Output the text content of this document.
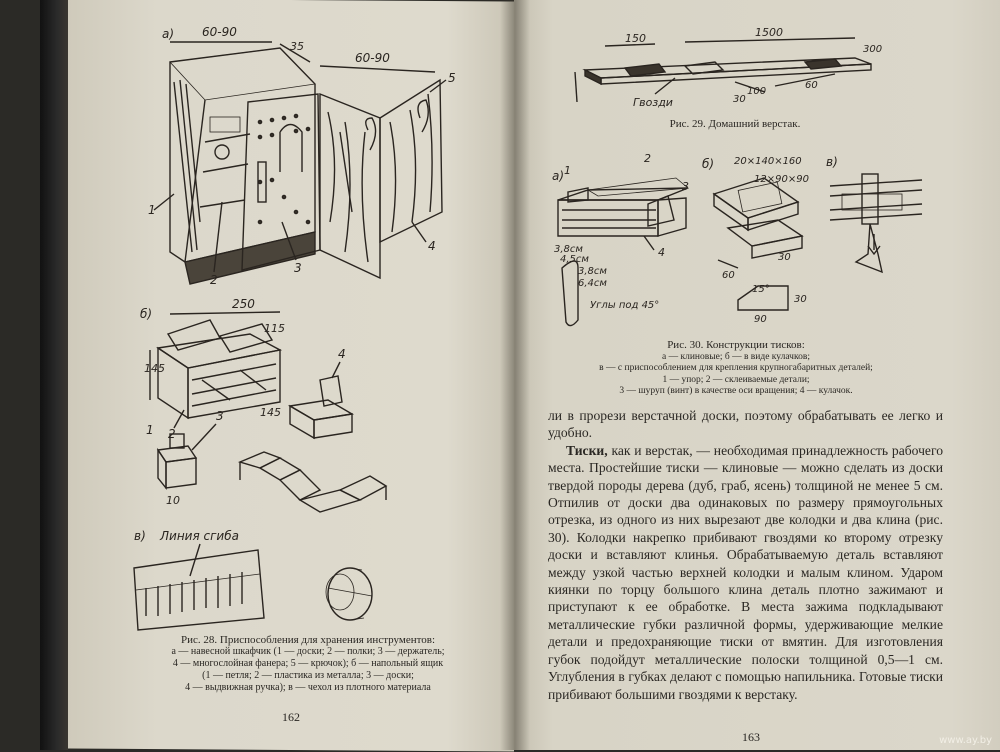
а) 60-90
35
60-90
1
2
3
4
5
б)
250
115
145
145
2
4
1
3
10
в) Линия сгиба
Рис. 28. Приспособления для хранения инструментов:
а — навесной шкафчик (1 — доски; 2 — полки; 3 — держатель;
4 — многослойная фанера; 5 — крючок); б — напольный ящик
(1 — петля; 2 — пластика из металла; 3 — доски;
4 — выдвижная ручка); в — чехол из плотного материала
162
150	1500
300
Гвозди	30
100
60
Рис. 29. Домашний верстак.
а) 1
2
3
4
3,8см
4,5см
3,8см
6,4см
Углы под 45°
б) 20×140×160
12×90×90
60
30
15°
30
90
в)
Рис. 30. Конструкции тисков:
а — клиновые; б — в виде кулачков;
в — с приспособлением для крепления крупногабаритных деталей;
1 — упор; 2 — склеиваемые детали;
3 — шуруп (винт) в качестве оси вращения; 4 — кулачок.

ли в прорези верстачной доски, поэтому обрабатывать ее легко и удобно.

Тиски, как и верстак, — необходимая принадлежность рабочего места. Простейшие тиски — клиновые — можно сделать из доски твердой породы дерева (дуб, граб, ясень) толщиной не менее 5 см. Отпилив от доски два одинаковых по размеру прямоугольных отрезка, из одного из них вырезают две колодки и два клина (рис. 30). Колодки накрепко прибивают гвоздями ко второму отрезку доски и вставляют клинья. Обрабатываемую деталь вставляют между узкой частью верхней колодки и малым клином. Ударом киянки по торцу большого клина деталь плотно зажимают и приступают к ее обработке. В места зажима подкладывают металлические губки различной формы, удерживающие мелкие детали и предохраняющие тиски от вмятин. Для изготовления губок подойдут металлические полоски толщиной 0,5—1 см. Углубления в губках делают с помощью напильника. Готовые тиски прибивают большими гвоздями к верстаку.

163	www.ay.by
